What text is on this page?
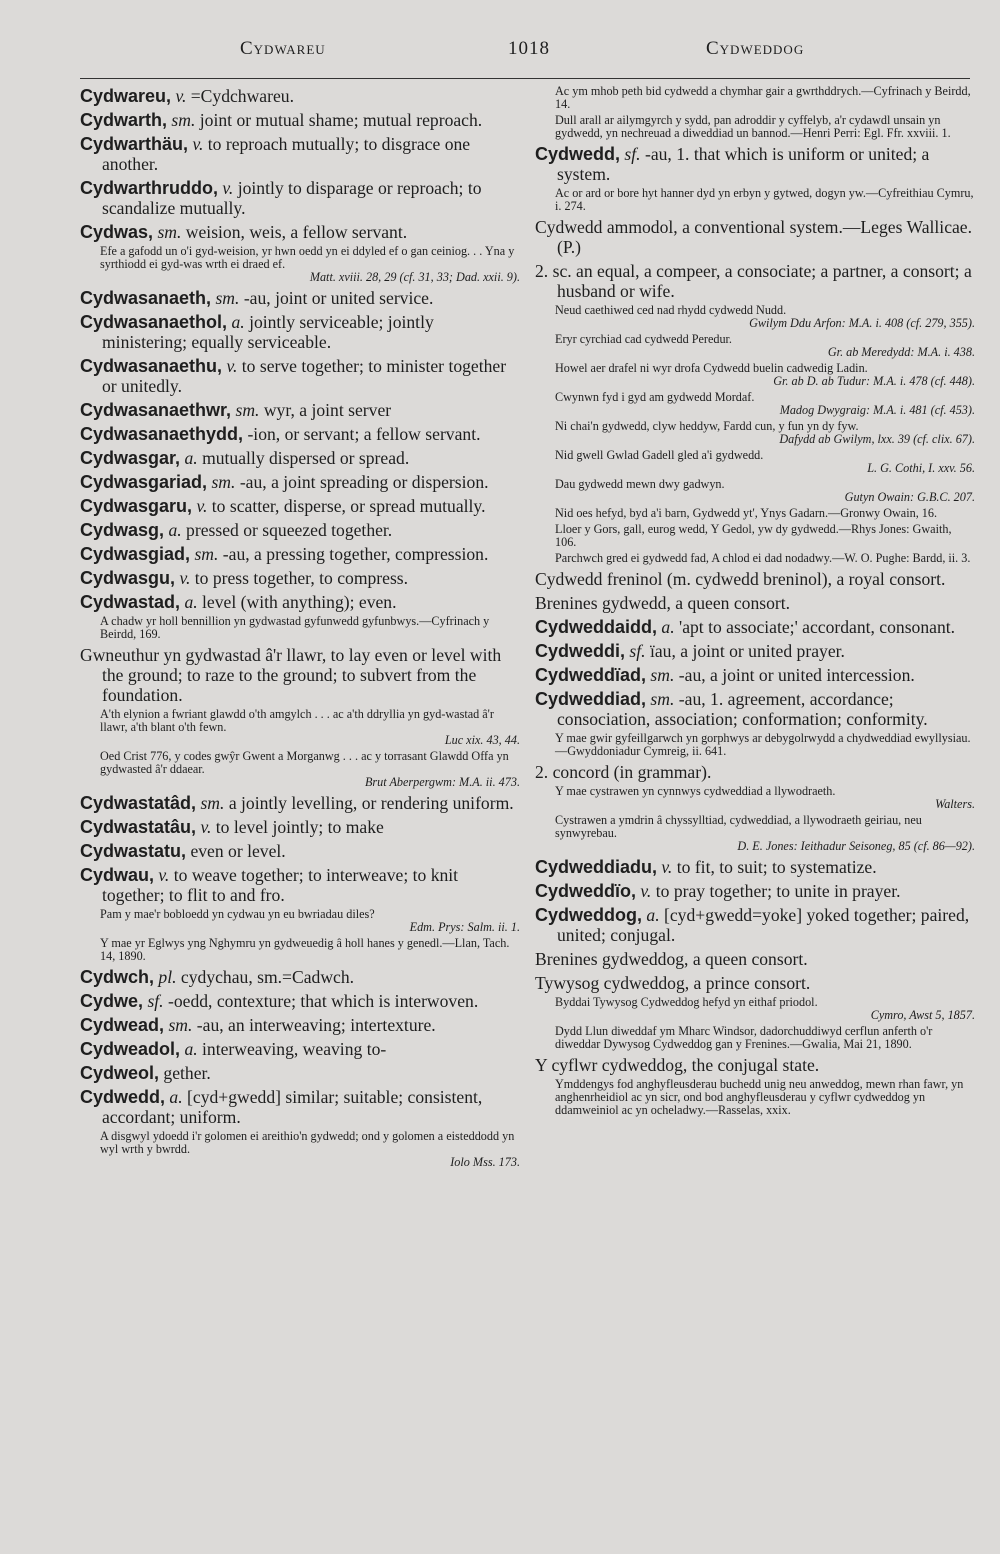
Cydwareu	1018	Cydweddog
Cydwareu, v. =Cydchwareu.
Cydwarth, sm. joint or mutual shame; mutual reproach.
Cydwarthäu, v. to reproach mutually; to disgrace one another.
Cydwarthruddo, v. jointly to disparage or reproach; to scandalize mutually.
Cydwas, sm. weision, weis, a fellow servant.
Efe a gafodd un o'i gyd-weision, yr hwn oedd yn ei ddyled ef o gan ceiniog. . . Yna y syrthiodd ei gyd-was wrth ei draed ef.
Matt. xviii. 28, 29 (cf. 31, 33; Dad. xxii. 9).
Cydwasanaeth, sm. -au, joint or united service.
Cydwasanaethol, a. jointly serviceable; jointly ministering; equally serviceable.
Cydwasanaethu, v. to serve together; to minister together or unitedly.
Cydwasanaethwr, sm. wyr, a joint server
Cydwasanaethydd, -ion, or servant; a fellow servant.
Cydwasgar, a. mutually dispersed or spread.
Cydwasgariad, sm. -au, a joint spreading or dispersion.
Cydwasgaru, v. to scatter, disperse, or spread mutually.
Cydwasg, a. pressed or squeezed together.
Cydwasgiad, sm. -au, a pressing together, compression.
Cydwasgu, v. to press together, to compress.
Cydwastad, a. level (with anything); even.
A chadw yr holl bennillion yn gydwastad gyfunwedd gyfunbwys.—Cyfrinach y Beirdd, 169.
Gwneuthur yn gydwastad â'r llawr, to lay even or level with the ground; to raze to the ground; to subvert from the foundation.
A'th elynion a fwriant glawdd o'th amgylch . . . ac a'th ddryllia yn gyd-wastad â'r llawr, a'th blant o'th fewn.
Luc xix. 43, 44.
Oed Crist 776, y codes gwŷr Gwent a Morganwg . . . ac y torrasant Glawdd Offa yn gydwasted â'r ddaear.
Brut Aberpergwm: M.A. ii. 473.
Cydwastatâd, sm. a jointly levelling, or rendering uniform.
Cydwastatâu, v. to level jointly; to make
Cydwastatu, even or level.
Cydwau, v. to weave together; to interweave; to knit together; to flit to and fro.
Pam y mae'r bobloedd yn cydwau yn eu bwriadau diles?
Edm. Prys: Salm. ii. 1.
Y mae yr Eglwys yng Nghymru yn gydweuedig â holl hanes y genedl.—Llan, Tach. 14, 1890.
Cydwch, pl. cydychau, sm.=Cadwch.
Cydwe, sf. -oedd, contexture; that which is interwoven.
Cydwead, sm. -au, an interweaving; intertexture.
Cydweadol, a. interweaving, weaving to-
Cydweol, gether.
Cydwedd, a. [cyd+gwedd] similar; suitable; consistent, accordant; uniform.
A disgwyl ydoedd i'r golomen ei areithio'n gydwedd; ond y golomen a eisteddodd yn wyl wrth y bwrdd.
Iolo Mss. 173.
Ac ym mhob peth bid cydwedd a chymhar gair a gwrthddrych.—Cyfrinach y Beirdd, 14.
Dull arall ar ailymgyrch y sydd, pan adroddir y cyffelyb, a'r cydawdl unsain yn gydwedd, yn nechreuad a diweddiad un bannod.—Henri Perri: Egl. Ffr. xxviii. 1.
Cydwedd, sf. -au, 1. that which is uniform or united; a system.
Ac or ard or bore hyt hanner dyd yn erbyn y gytwed, dogyn yw.—Cyfreithiau Cymru, i. 274.
Cydwedd ammodol, a conventional system.—Leges Wallicae. (P.)
2. sc. an equal, a compeer, a consociate; a partner, a consort; a husband or wife.
Neud caethiwed ced nad rhydd cydwedd Nudd.
Gwilym Ddu Arfon: M.A. i. 408 (cf. 279, 355).
Eryr cyrchiad cad cydwedd Peredur.
Gr. ab Meredydd: M.A. i. 438.
Howel aer drafel ni wyr drofa Cydwedd buelin cadwedig Ladin.
Gr. ab D. ab Tudur: M.A. i. 478 (cf. 448).
Cwynwn fyd i gyd am gydwedd Mordaf.
Madog Dwygraig: M.A. i. 481 (cf. 453).
Ni chai'n gydwedd, clyw heddyw, Fardd cun, y fun yn dy fyw.
Dafydd ab Gwilym, lxx. 39 (cf. clix. 67).
Nid gwell Gwlad Gadell gled a'i gydwedd.
L. G. Cothi, I. xxv. 56.
Dau gydwedd mewn dwy gadwyn.
Gutyn Owain: G.B.C. 207.
Nid oes hefyd, byd a'i barn, Gydwedd yt', Ynys Gadarn.—Gronwy Owain, 16.
Lloer y Gors, gall, eurog wedd, Y Gedol, yw dy gydwedd.—Rhys Jones: Gwaith, 106.
Parchwch gred ei gydwedd fad, A chlod ei dad nodadwy.—W. O. Pughe: Bardd, ii. 3.
Cydwedd freninol (m. cydwedd breninol), a royal consort.
Brenines gydwedd, a queen consort.
Cydweddaidd, a. 'apt to associate;' accordant, consonant.
Cydweddi, sf. ïau, a joint or united prayer.
Cydweddïad, sm. -au, a joint or united intercession.
Cydweddiad, sm. -au, 1. agreement, accordance; consociation, association; conformation; conformity.
Y mae gwir gyfeillgarwch yn gorphwys ar debygolrwydd a chydweddiad ewyllysiau.—Gwyddoniadur Cymreig, ii. 641.
2. concord (in grammar).
Y mae cystrawen yn cynnwys cydweddiad a llywodraeth.
Walters.
Cystrawen a ymdrin â chyssylltiad, cydweddiad, a llywodraeth geiriau, neu synwyrebau.
D. E. Jones: Ieithadur Seisoneg, 85 (cf. 86—92).
Cydweddiadu, v. to fit, to suit; to systematize.
Cydweddïo, v. to pray together; to unite in prayer.
Cydweddog, a. [cyd+gwedd=yoke] yoked together; paired, united; conjugal.
Brenines gydweddog, a queen consort.
Tywysog cydweddog, a prince consort.
Byddai Tywysog Cydweddog hefyd yn eithaf priodol.
Cymro, Awst 5, 1857.
Dydd Llun diweddaf ym Mharc Windsor, dadorchuddiwyd cerflun anferth o'r diweddar Dywysog Cydweddog gan y Frenines.—Gwalia, Mai 21, 1890.
Y cyflwr cydweddog, the conjugal state.
Ymddengys fod anghyfleusderau buchedd unig neu anweddog, mewn rhan fawr, yn anghenrheidiol ac yn sicr, ond bod anghyfleusderau y cyflwr cydweddog yn ddamweiniol ac yn ocheladwy.—Rasselas, xxix.
